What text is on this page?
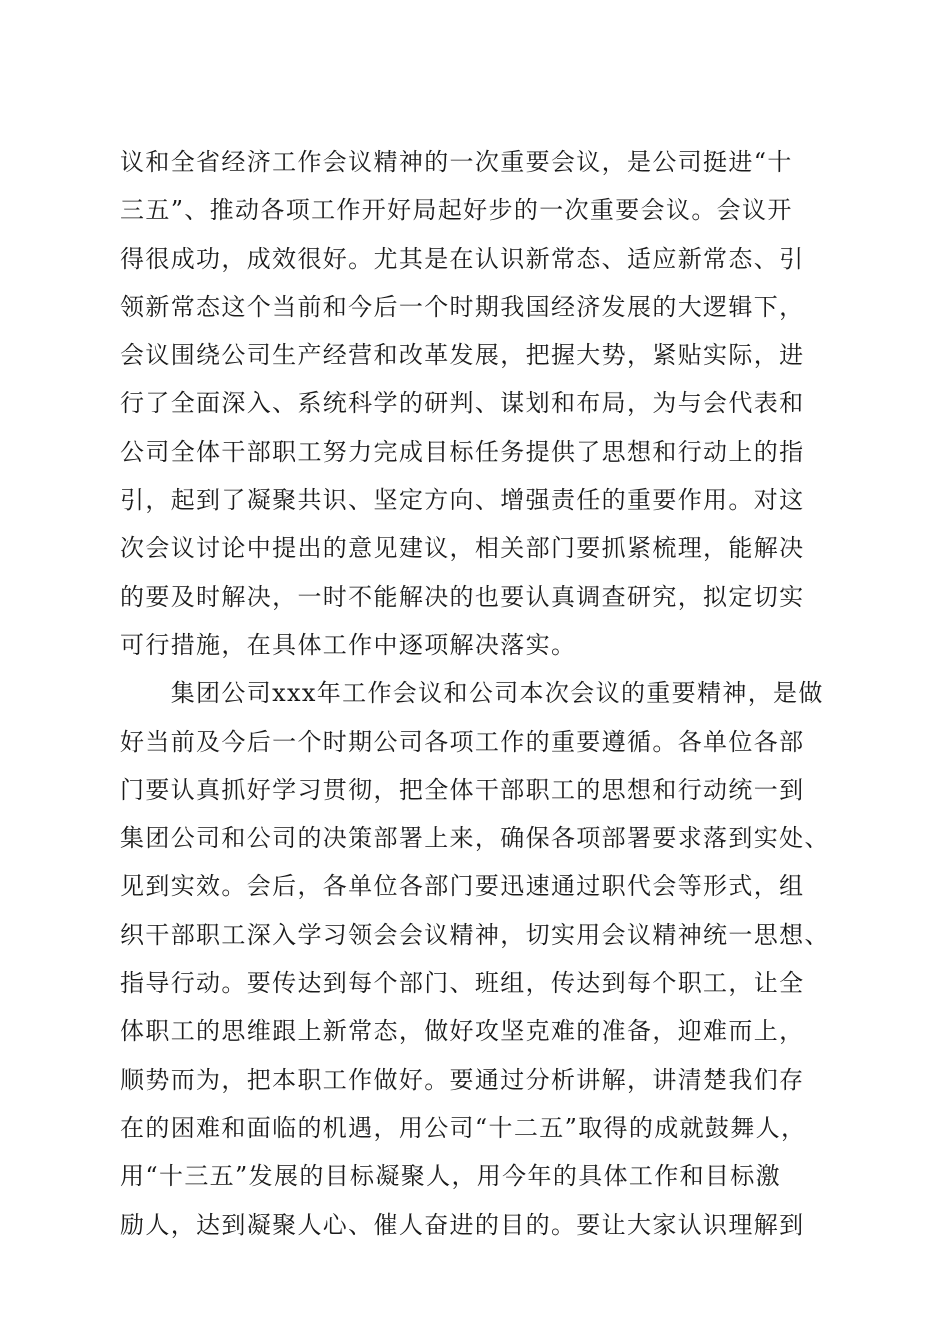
议和全省经济工作会议精神的一次重要会议，是公司挺进“十
三五”、推动各项工作开好局起好步的一次重要会议。会议开
得很成功，成效很好。尤其是在认识新常态、适应新常态、引
领新常态这个当前和今后一个时期我国经济发展的大逻辑下，
会议围绕公司生产经营和改革发展，把握大势，紧贴实际，进
行了全面深入、系统科学的研判、谋划和布局，为与会代表和
公司全体干部职工努力完成目标任务提供了思想和行动上的指
引，起到了凝聚共识、坚定方向、增强责任的重要作用。对这
次会议讨论中提出的意见建议，相关部门要抓紧梳理，能解决
的要及时解决，一时不能解决的也要认真调查研究，拟定切实
可行措施，在具体工作中逐项解决落实。
　　集团公司xxx年工作会议和公司本次会议的重要精神，是做
好当前及今后一个时期公司各项工作的重要遵循。各单位各部
门要认真抓好学习贯彻，把全体干部职工的思想和行动统一到
集团公司和公司的决策部署上来，确保各项部署要求落到实处、
见到实效。会后，各单位各部门要迅速通过职代会等形式，组
织干部职工深入学习领会会议精神，切实用会议精神统一思想、
指导行动。要传达到每个部门、班组，传达到每个职工，让全
体职工的思维跟上新常态，做好攻坚克难的准备，迎难而上，
顺势而为，把本职工作做好。要通过分析讲解，讲清楚我们存
在的困难和面临的机遇，用公司“十二五”取得的成就鼓舞人，
用“十三五”发展的目标凝聚人，用今年的具体工作和目标激
励人，达到凝聚人心、催人奋进的目的。要让大家认识理解到
